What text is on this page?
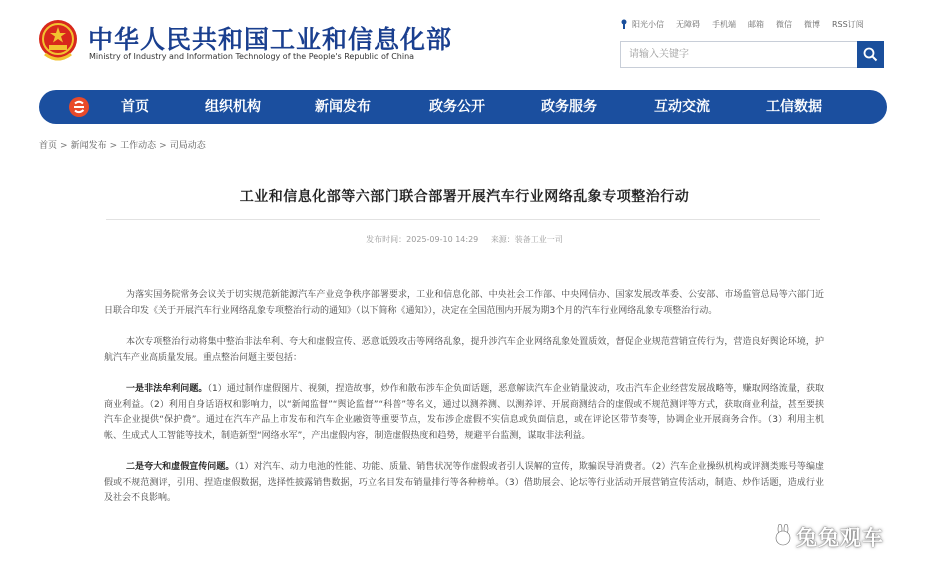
中华人民共和国工业和信息化部
Ministry of Industry and Information Technology of the People's Republic of China
阳光小信 无障碍 手机端 邮箱 微信 微博 RSS订阅
请输入关键字
首页	组织机构	新闻发布	政务公开	政务服务	互动交流	工信数据
首页 > 新闻发布 > 工作动态 > 司局动态
工业和信息化部等六部门联合部署开展汽车行业网络乱象专项整治行动
发布时间：2025-09-10 14:29 来源：装备工业一司

为落实国务院常务会议关于切实规范新能源汽车产业竞争秩序部署要求，工业和信息化部、中央社会工作部、中央网信办、国家发展改革委、公安部、市场监管总局等六部门近日联合印发《关于开展汽车行业网络乱象专项整治行动的通知》（以下简称《通知》），决定在全国范围内开展为期3个月的汽车行业网络乱象专项整治行动。

本次专项整治行动将集中整治非法牟利、夸大和虚假宣传、恶意诋毁攻击等网络乱象，提升涉汽车企业网络乱象处置质效，督促企业规范营销宣传行为，营造良好舆论环境，护航汽车产业高质量发展。重点整治问题主要包括：

一是非法牟利问题。（1）通过制作虚假图片、视频，捏造故事，炒作和散布涉车企负面话题，恶意解读汽车企业销量波动，攻击汽车企业经营发展战略等，赚取网络流量，获取商业利益。（2）利用自身话语权和影响力，以“新闻监督”“舆论监督”“科普”等名义，通过以测养测、以测养评、开展商测结合的虚假或不规范测评等方式，获取商业利益，甚至要挟汽车企业提供“保护费”。通过在汽车产品上市发布和汽车企业融资等重要节点，发布涉企虚假不实信息或负面信息，或在评论区带节奏等，协调企业开展商务合作。（3）利用主机帐、生成式人工智能等技术，制造新型“网络水军”，产出虚假内容，制造虚假热度和趋势，规避平台监测，谋取非法利益。

二是夸大和虚假宣传问题。（1）对汽车、动力电池的性能、功能、质量、销售状况等作虚假或者引人误解的宣传，欺骗误导消费者。（2）汽车企业操纵机构或评测类账号等编虚假或不规范测评，引用、捏造虚假数据，选择性披露销售数据，巧立名目发布销量排行等各种榜单。（3）借助展会、论坛等行业活动开展营销宣传活动，制造、炒作话题，造成行业及社会不良影响。

兔兔观车
